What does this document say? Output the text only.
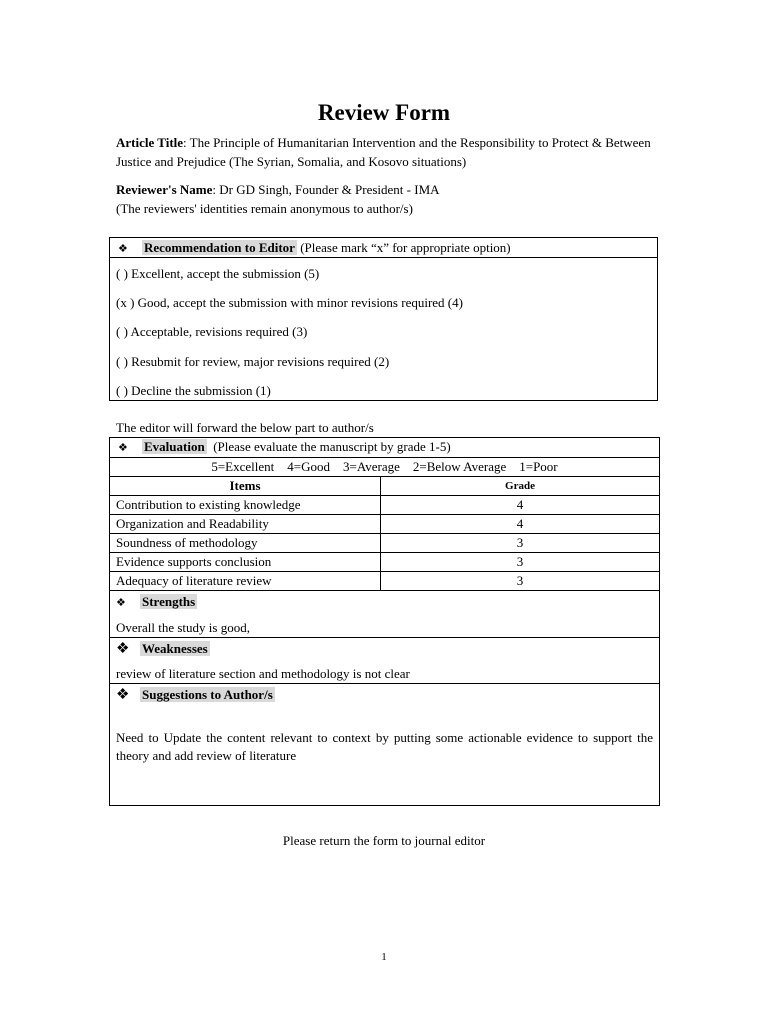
Review Form
Article Title: The Principle of Humanitarian Intervention and the Responsibility to Protect & Between Justice and Prejudice (The Syrian, Somalia, and Kosovo situations)
Reviewer's Name: Dr GD Singh, Founder & President - IMA
(The reviewers' identities remain anonymous to author/s)
❖ Recommendation to Editor (Please mark “x” for appropriate option)
( ) Excellent, accept the submission (5)
(x ) Good, accept the submission with minor revisions required (4)
( ) Acceptable, revisions required (3)
( ) Resubmit for review, major revisions required (2)
( ) Decline the submission (1)
The editor will forward the below part to author/s
❖ Evaluation  (Please evaluate the manuscript by grade 1-5)	
5=Excellent    4=Good    3=Average    2=Below Average    1=Poor	
Items	Grade
Contribution to existing knowledge	4
Organization and Readability	4
Soundness of methodology	3
Evidence supports conclusion	3
Adequacy of literature review	3

❖ Strengths
Overall the study is good,	

❖ Weaknesses
review of literature section and methodology is not clear	

❖ Suggestions to Author/s
Need to Update the content relevant to context by putting some actionable evidence to support the theory and add review of literature	
Please return the form to journal editor
1
